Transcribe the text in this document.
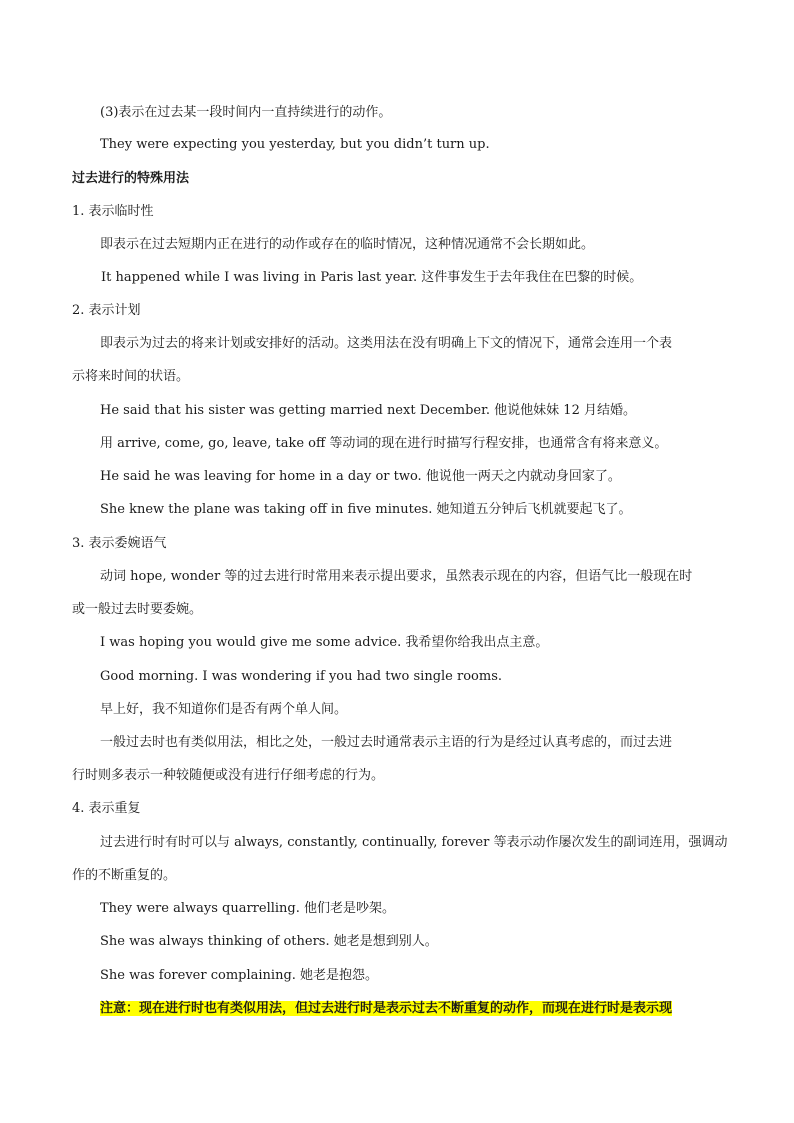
(3)表示在过去某一段时间内一直持续进行的动作。
They were expecting you yesterday, but you didn’t turn up.
过去进行的特殊用法
1. 表示临时性
即表示在过去短期内正在进行的动作或存在的临时情况，这种情况通常不会长期如此。
It happened while I was living in Paris last year. 这件事发生于去年我住在巴黎的时候。
2. 表示计划
即表示为过去的将来计划或安排好的活动。这类用法在没有明确上下文的情况下，通常会连用一个表
示将来时间的状语。
He said that his sister was getting married next December. 他说他妹妹 12 月结婚。
用 arrive, come, go, leave, take off 等动词的现在进行时描写行程安排，也通常含有将来意义。
He said he was leaving for home in a day or two. 他说他一两天之内就动身回家了。
She knew the plane was taking off in five minutes. 她知道五分钟后飞机就要起飞了。
3. 表示委婉语气
动词 hope, wonder 等的过去进行时常用来表示提出要求，虽然表示现在的内容，但语气比一般现在时
或一般过去时要委婉。
I was hoping you would give me some advice. 我希望你给我出点主意。
Good morning. I was wondering if you had two single rooms.
早上好，我不知道你们是否有两个单人间。
一般过去时也有类似用法，相比之处，一般过去时通常表示主语的行为是经过认真考虑的，而过去进
行时则多表示一种较随便或没有进行仔细考虑的行为。
4. 表示重复
过去进行时有时可以与 always, constantly, continually, forever 等表示动作屡次发生的副词连用，强调动
作的不断重复的。
They were always quarrelling. 他们老是吵架。
She was always thinking of others. 她老是想到别人。
She was forever complaining. 她老是抱怨。
注意：现在进行时也有类似用法，但过去进行时是表示过去不断重复的动作，而现在进行时是表示现
